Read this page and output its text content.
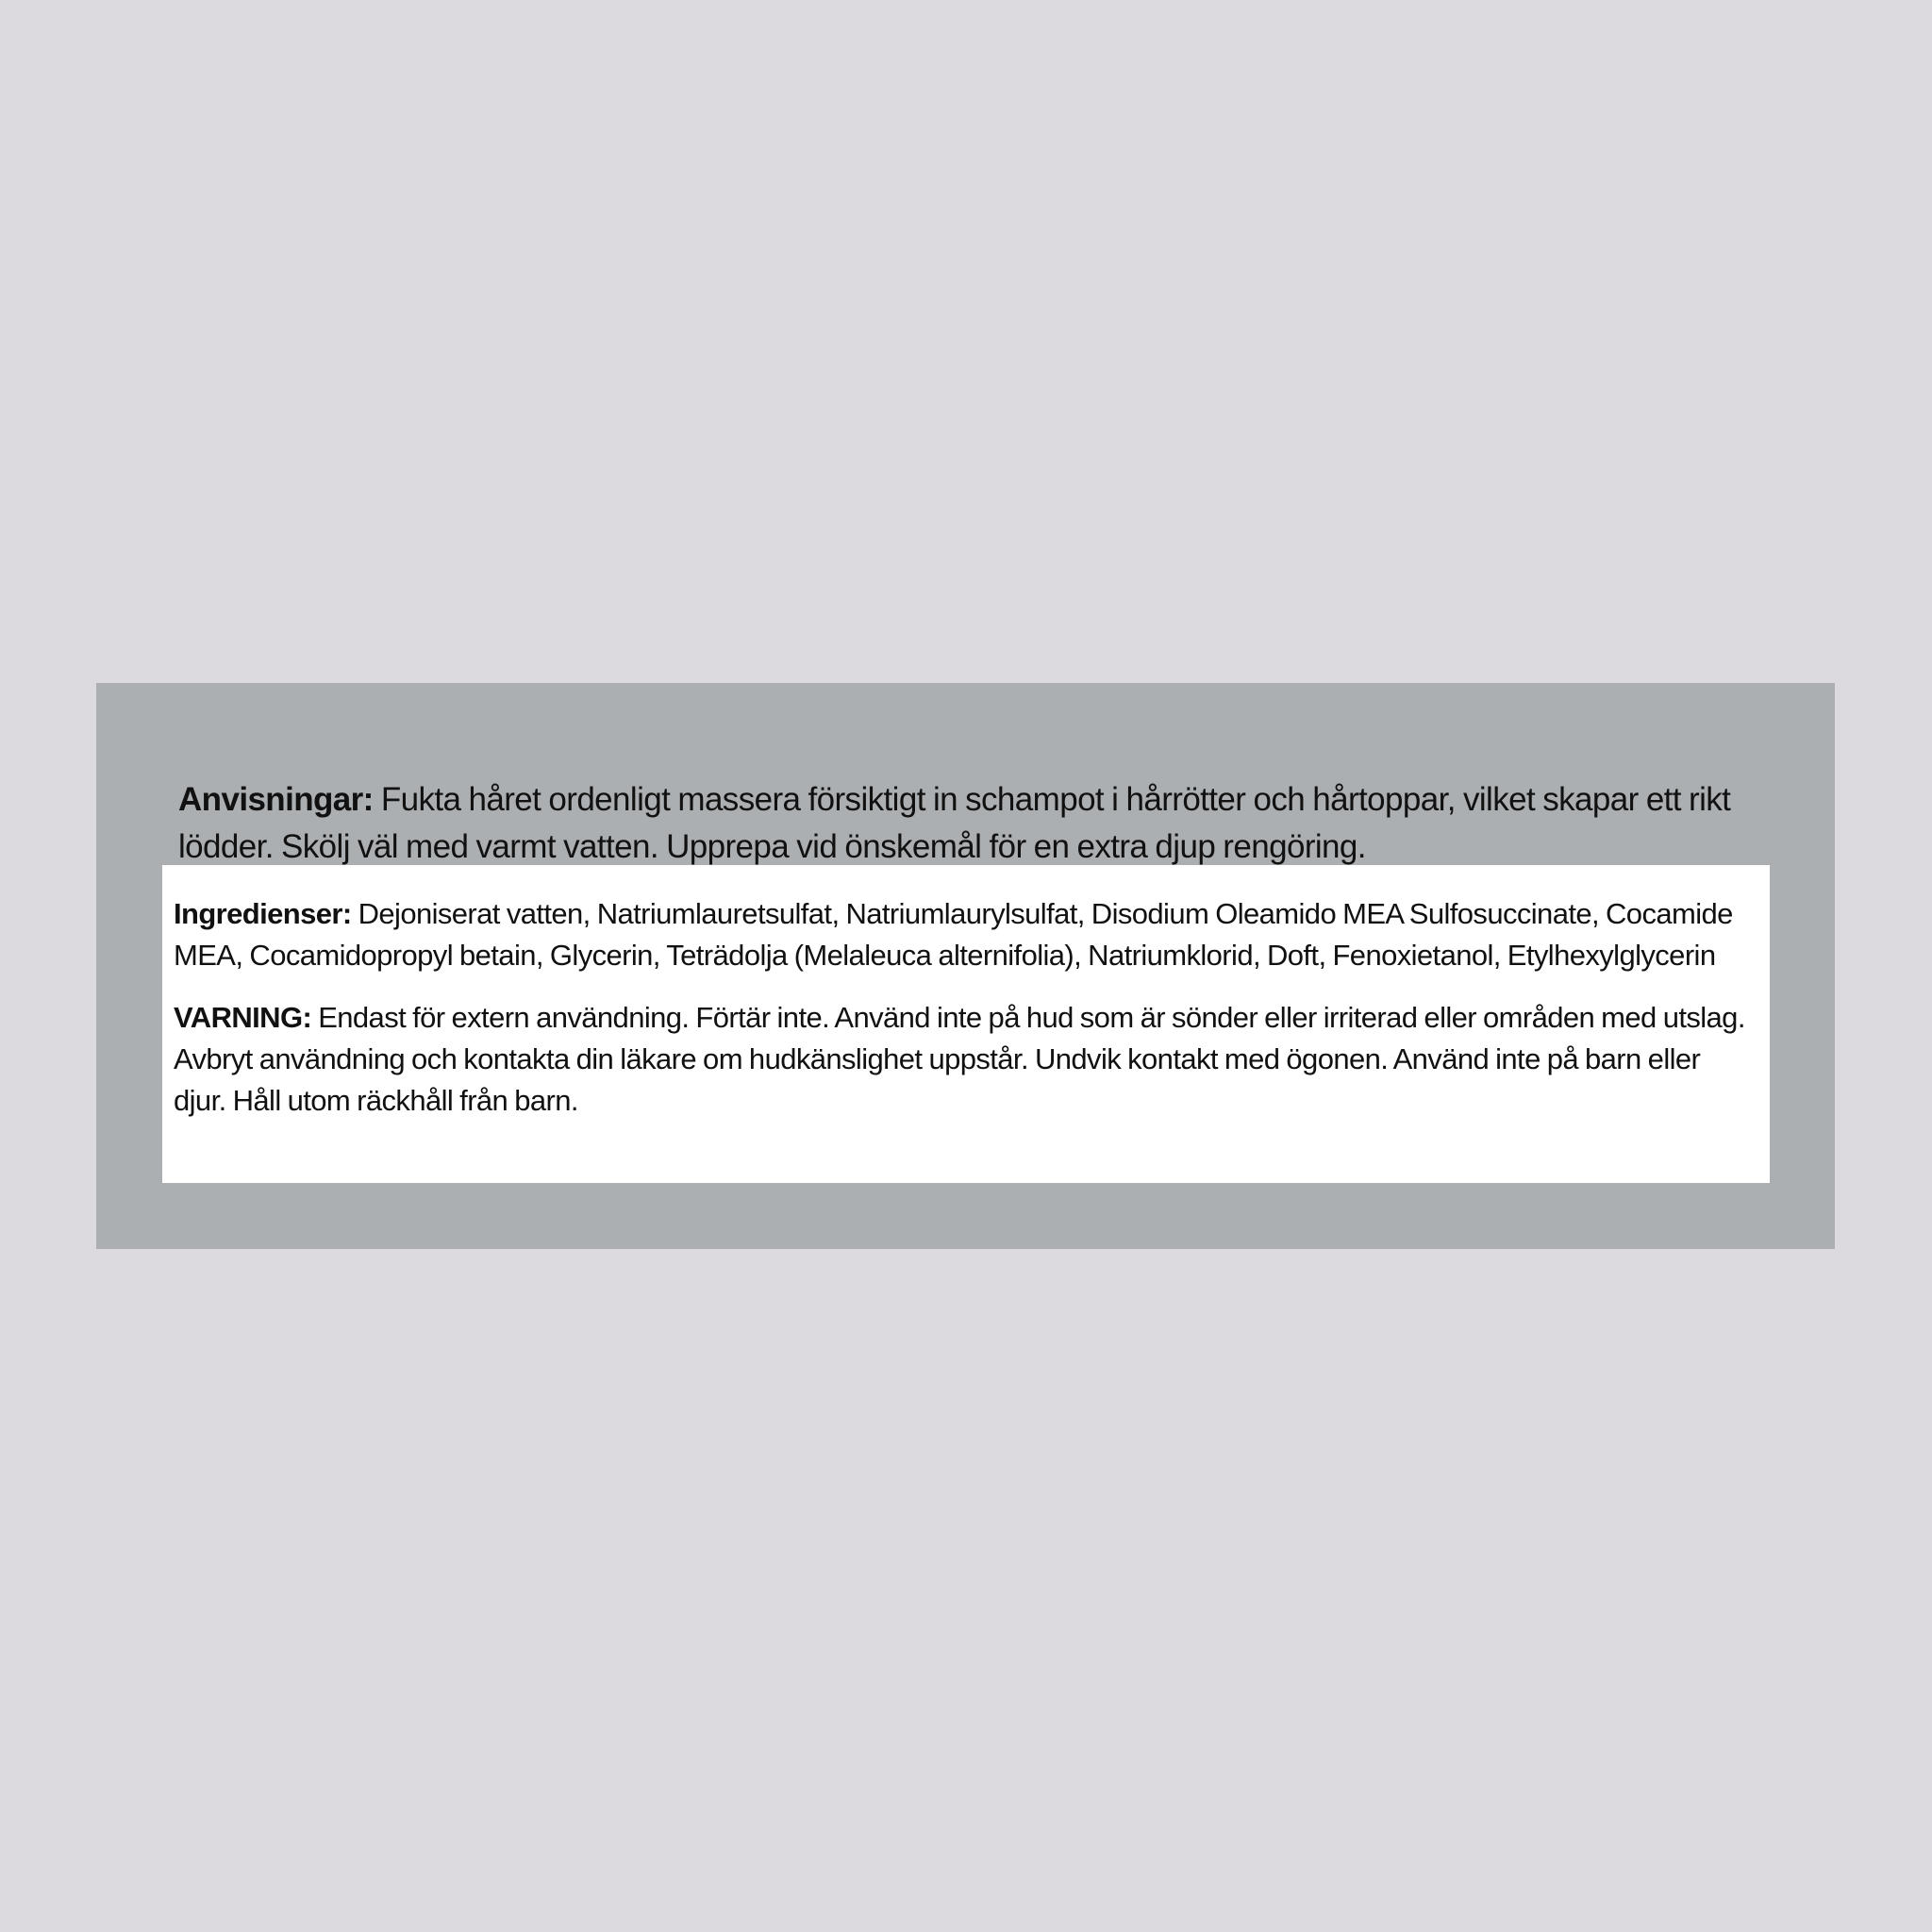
Anvisningar: Fukta håret ordenligt massera försiktigt in schampot i hårrötter och hårtoppar, vilket skapar ett rikt lödder. Skölj väl med varmt vatten. Upprepa vid önskemål för en extra djup rengöring.

Ingredienser: Dejoniserat vatten, Natriumlauretsulfat, Natriumlaurylsulfat, Disodium Oleamido MEA Sulfosuccinate, Cocamide MEA, Cocamidopropyl betain, Glycerin, Teträdolja (Melaleuca alternifolia), Natriumklorid, Doft, Fenoxietanol, Etylhexylglycerin

VARNING: Endast för extern användning. Förtär inte. Använd inte på hud som är sönder eller irriterad eller områden med utslag. Avbryt användning och kontakta din läkare om hudkänslighet uppstår. Undvik kontakt med ögonen. Använd inte på barn eller djur. Håll utom räckhåll från barn.
